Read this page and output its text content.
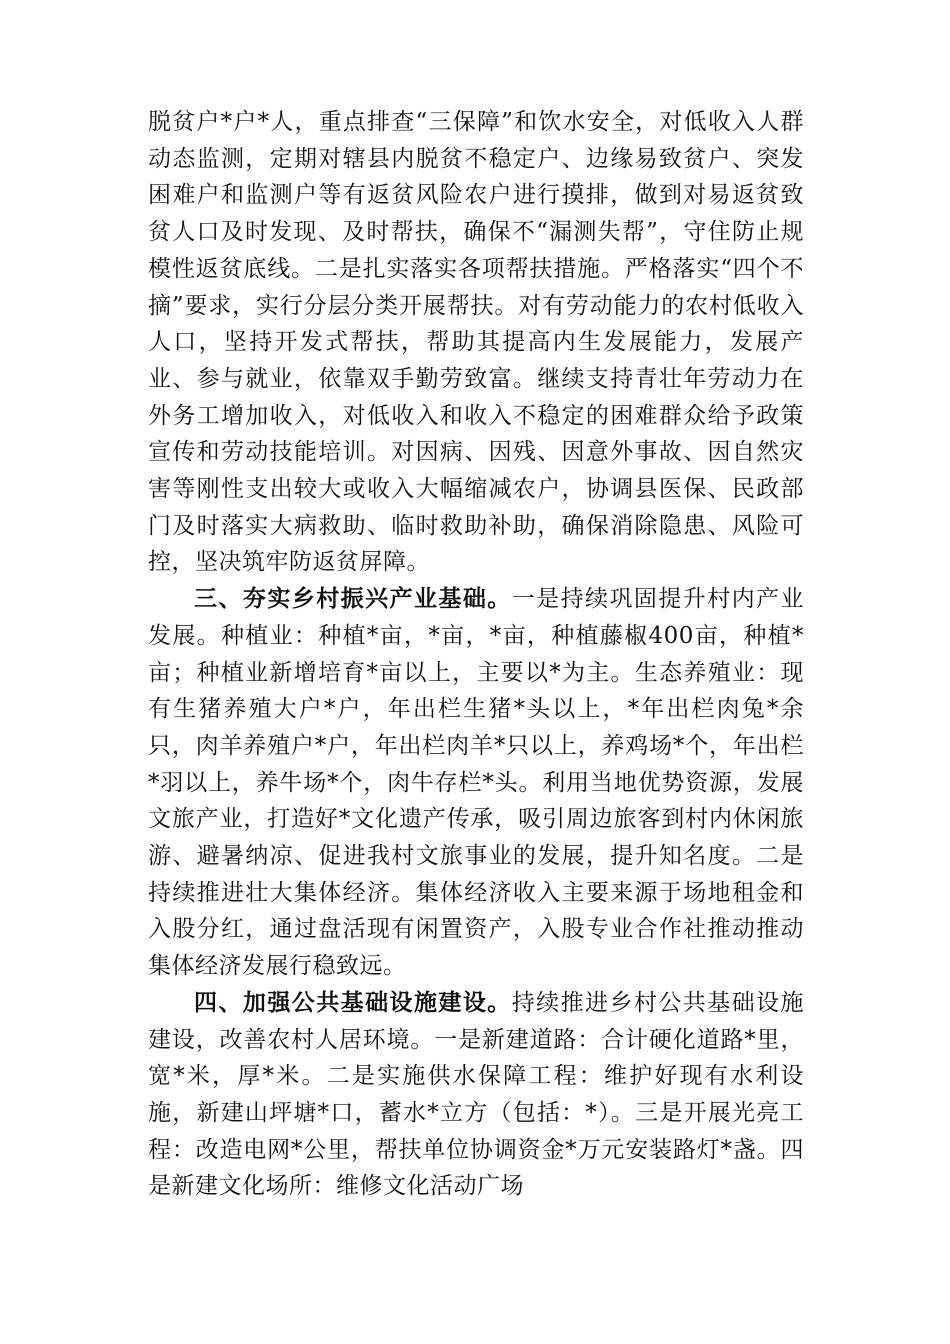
脱贫户*户*人，重点排查“三保障”和饮水安全，对低收入人群动态监测，定期对辖县内脱贫不稳定户、边缘易致贫户、突发困难户和监测户等有返贫风险农户进行摸排，做到对易返贫致贫人口及时发现、及时帮扶，确保不“漏测失帮”，守住防止规模性返贫底线。二是扎实落实各项帮扶措施。严格落实“四个不摘”要求，实行分层分类开展帮扶。对有劳动能力的农村低收入人口，坚持开发式帮扶，帮助其提高内生发展能力，发展产业、参与就业，依靠双手勤劳致富。继续支持青壮年劳动力在外务工增加收入，对低收入和收入不稳定的困难群众给予政策宣传和劳动技能培训。对因病、因残、因意外事故、因自然灾害等刚性支出较大或收入大幅缩减农户，协调县医保、民政部门及时落实大病救助、临时救助补助，确保消除隐患、风险可控，坚决筑牢防返贫屏障。

三、夯实乡村振兴产业基础。一是持续巩固提升村内产业发展。种植业：种植*亩，*亩，*亩，种植藤椒400亩，种植*亩；种植业新增培育*亩以上，主要以*为主。生态养殖业：现有生猪养殖大户*户，年出栏生猪*头以上，*年出栏肉兔*余只，肉羊养殖户*户，年出栏肉羊*只以上，养鸡场*个，年出栏*羽以上，养牛场*个，肉牛存栏*头。利用当地优势资源，发展文旅产业，打造好*文化遗产传承，吸引周边旅客到村内休闲旅游、避暑纳凉、促进我村文旅事业的发展，提升知名度。二是持续推进壮大集体经济。集体经济收入主要来源于场地租金和入股分红，通过盘活现有闲置资产，入股专业合作社推动推动集体经济发展行稳致远。

四、加强公共基础设施建设。持续推进乡村公共基础设施建设，改善农村人居环境。一是新建道路：合计硬化道路*里，宽*米，厚*米。二是实施供水保障工程：维护好现有水利设施，新建山坪塘*口，蓄水*立方（包括：*）。三是开展光亮工程：改造电网*公里，帮扶单位协调资金*万元安装路灯*盏。四是新建文化场所：维修文化活动广场
